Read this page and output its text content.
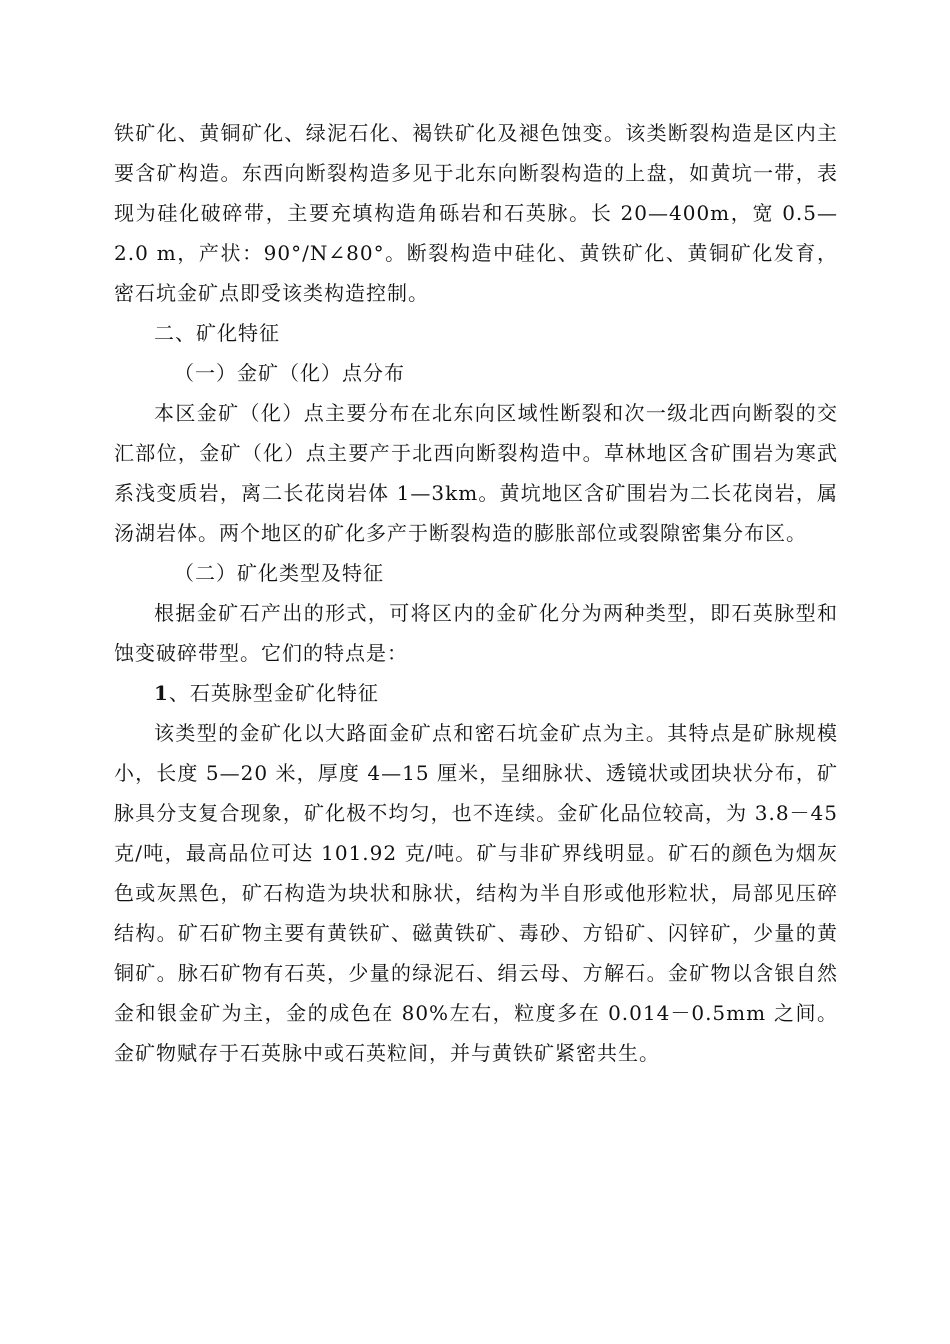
铁矿化、黄铜矿化、绿泥石化、褐铁矿化及褪色蚀变。该类断裂构造是区内主要含矿构造。东西向断裂构造多见于北东向断裂构造的上盘，如黄坑一带，表现为硅化破碎带，主要充填构造角砾岩和石英脉。长 20—400m，宽 0.5—2.0 m，产状：90°/N∠80°。断裂构造中硅化、黄铁矿化、黄铜矿化发育，密石坑金矿点即受该类构造控制。

二、矿化特征

（一）金矿（化）点分布

本区金矿（化）点主要分布在北东向区域性断裂和次一级北西向断裂的交汇部位，金矿（化）点主要产于北西向断裂构造中。草林地区含矿围岩为寒武系浅变质岩，离二长花岗岩体 1—3km。黄坑地区含矿围岩为二长花岗岩，属汤湖岩体。两个地区的矿化多产于断裂构造的膨胀部位或裂隙密集分布区。

（二）矿化类型及特征

根据金矿石产出的形式，可将区内的金矿化分为两种类型，即石英脉型和蚀变破碎带型。它们的特点是：

1、石英脉型金矿化特征

该类型的金矿化以大路面金矿点和密石坑金矿点为主。其特点是矿脉规模小，长度 5—20 米，厚度 4—15 厘米，呈细脉状、透镜状或团块状分布，矿脉具分支复合现象，矿化极不均匀，也不连续。金矿化品位较高，为 3.8－45 克/吨，最高品位可达 101.92 克/吨。矿与非矿界线明显。矿石的颜色为烟灰色或灰黑色，矿石构造为块状和脉状，结构为半自形或他形粒状，局部见压碎结构。矿石矿物主要有黄铁矿、磁黄铁矿、毒砂、方铅矿、闪锌矿，少量的黄铜矿。脉石矿物有石英，少量的绿泥石、绢云母、方解石。金矿物以含银自然金和银金矿为主，金的成色在 80%左右，粒度多在 0.014－0.5mm 之间。金矿物赋存于石英脉中或石英粒间，并与黄铁矿紧密共生。
